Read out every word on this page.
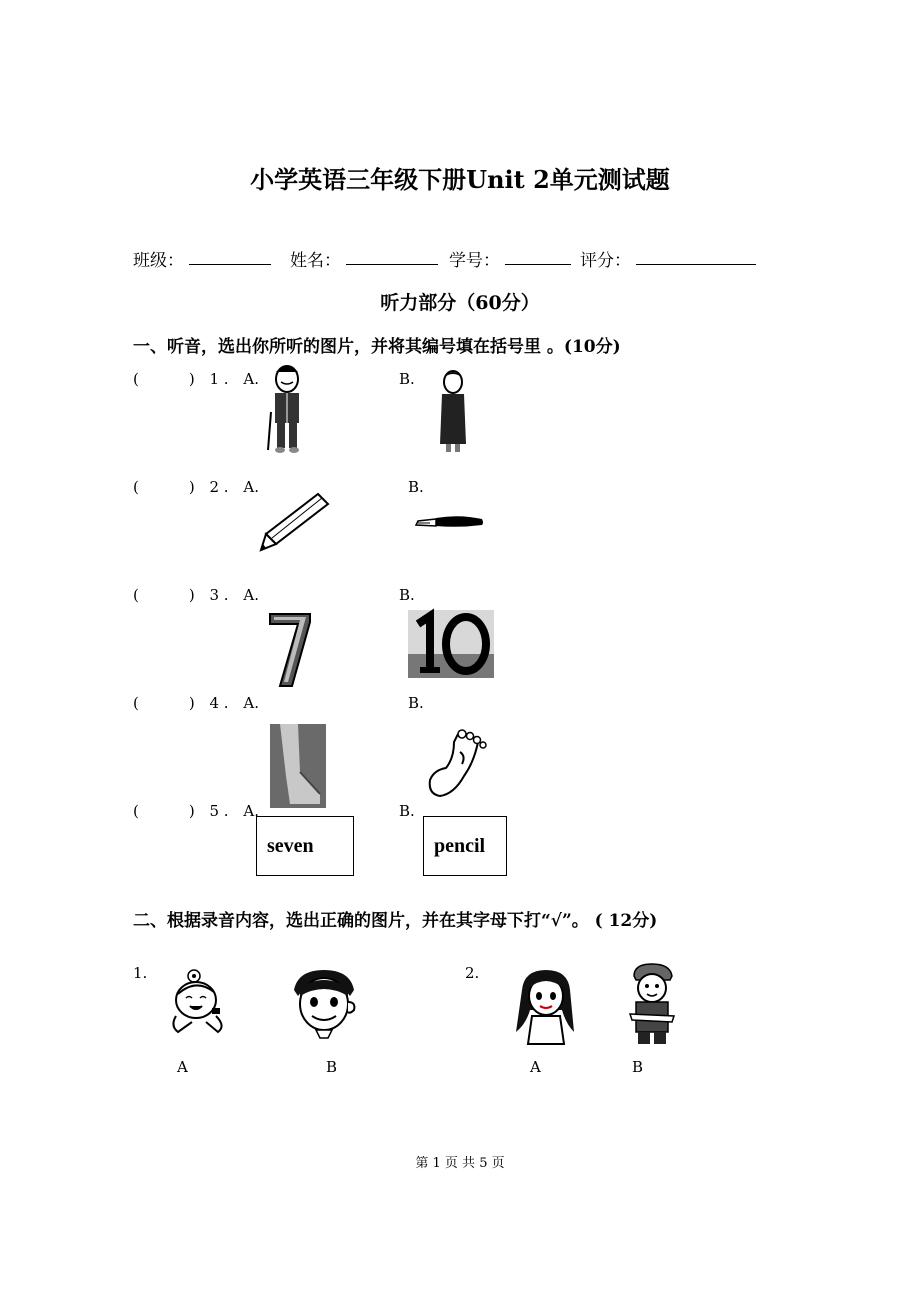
小学英语三年级下册Unit 2单元测试题
班级：	姓名：	学号：	评分：
听力部分（60分）
一、听音，选出你所听的图片，并将其编号填在括号里 。(10分)
(	) 1 . A.	B.
(	) 2 . A.	B.
(	) 3 . A.	B.
(	) 4 . A.	B.
(	) 5 . A.	B.
seven	pencil
二、根据录音内容，选出正确的图片，并在其字母下打“√”。 ( 12分)
1.
A	B
2.
A	B
第 1 页 共 5 页
